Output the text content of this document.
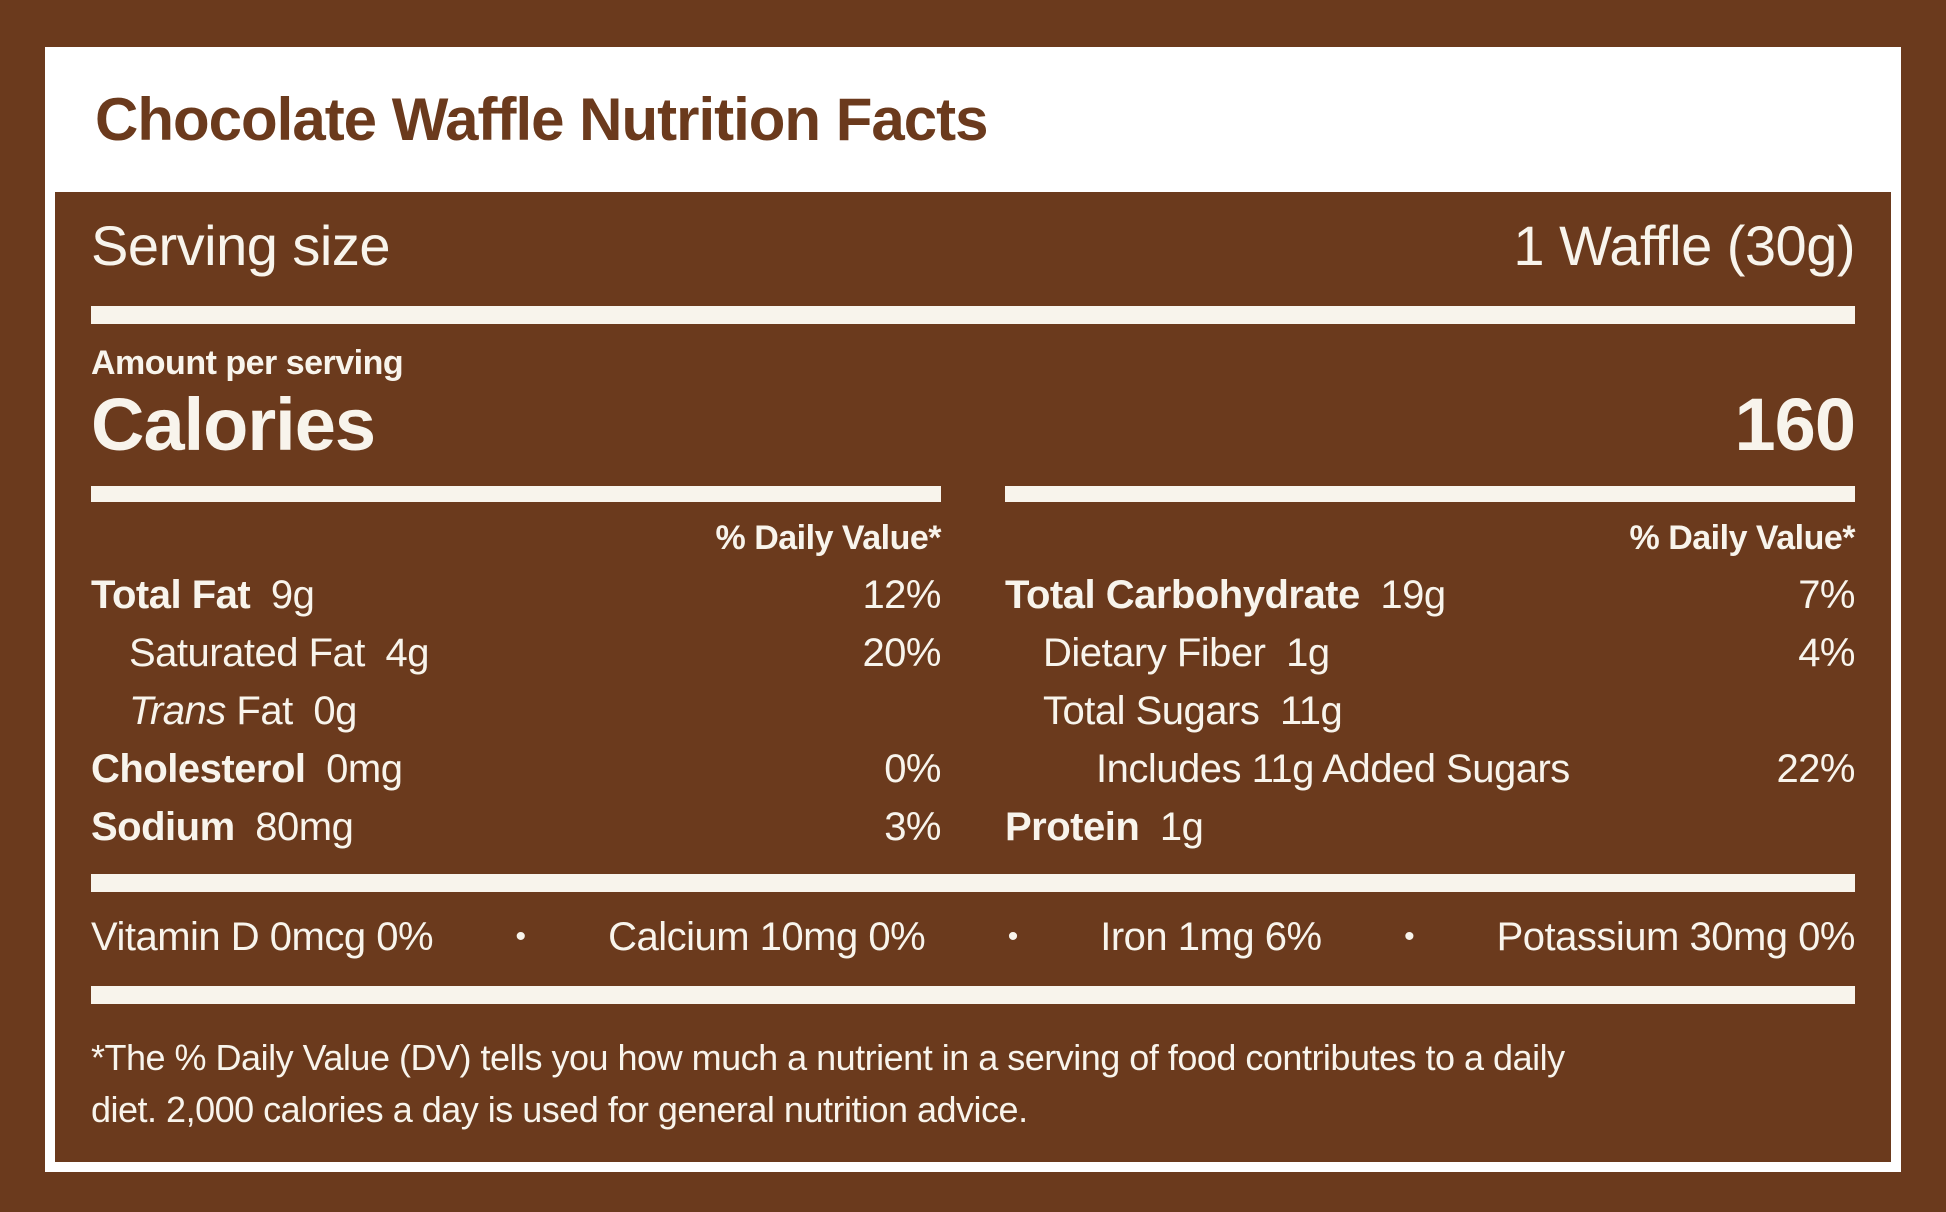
Chocolate Waffle Nutrition Facts
Serving size	1 Waffle (30g)
Amount per serving
Calories	160
% Daily Value*
Total Fat 9g	12%
Saturated Fat 4g	20%
Trans Fat 0g
Cholesterol 0mg	0%
Sodium 80mg	3%
% Daily Value*
Total Carbohydrate 19g	7%
Dietary Fiber 1g	4%
Total Sugars 11g
Includes 11g Added Sugars	22%
Protein 1g
Vitamin D 0mcg 0%	• Calcium 10mg 0%	• Iron 1mg 6%	• Potassium 30mg 0%
*The % Daily Value (DV) tells you how much a nutrient in a serving of food contributes to a daily
diet. 2,000 calories a day is used for general nutrition advice.
